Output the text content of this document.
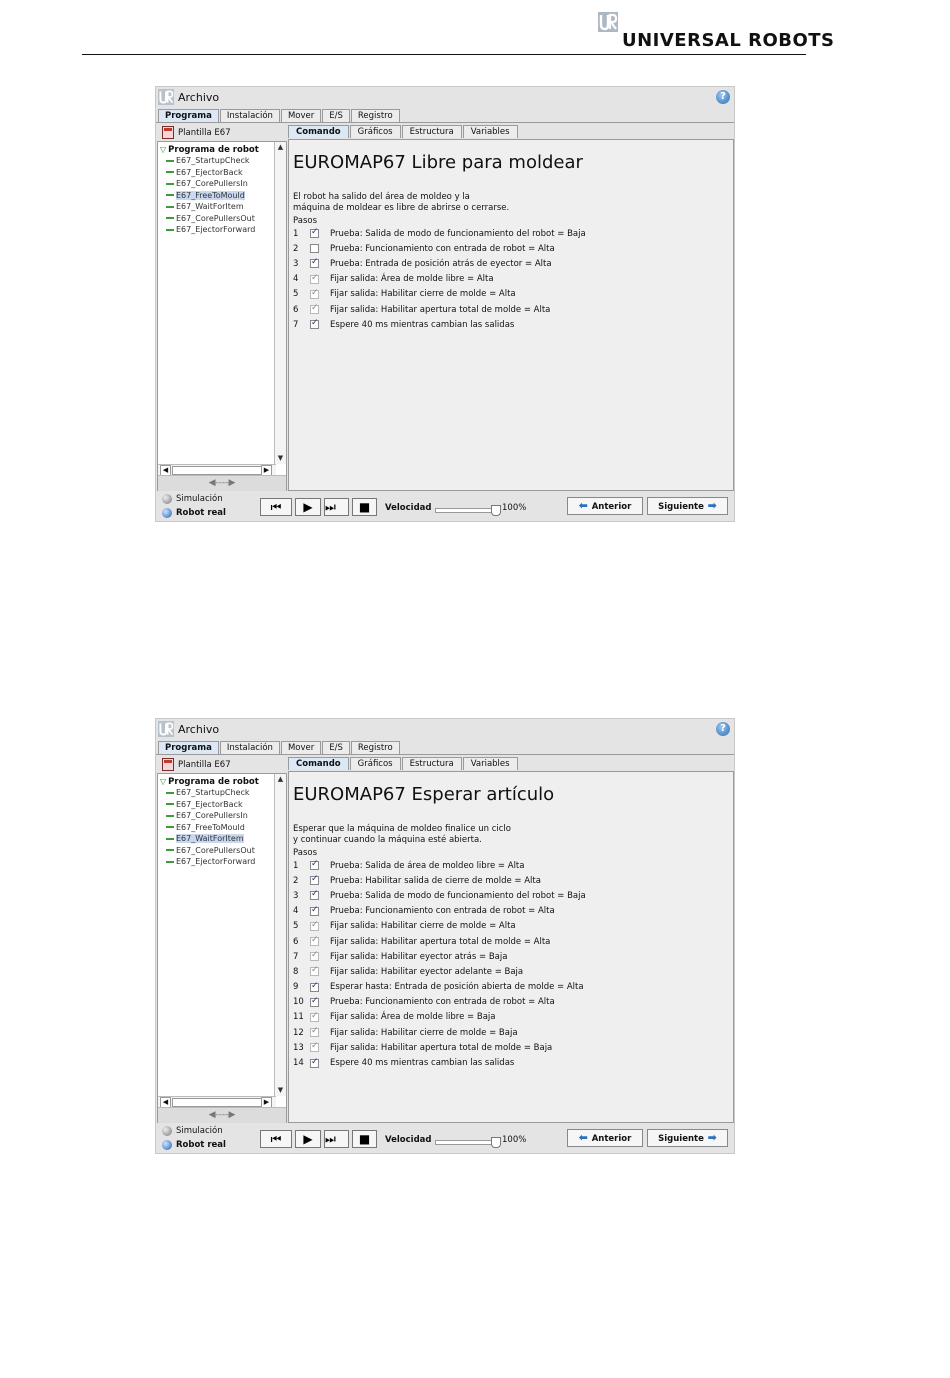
UNIVERSAL ROBOTS
Archivo	?
Programa	Instalación	Mover	E/S	Registro
Plantilla E67
▽ Programa de robot
E67_StartupCheck
E67_EjectorBack
E67_CorePullersIn
E67_FreeToMould
E67_WaitForItem
E67_CorePullersOut
E67_EjectorForward
▲
▼
◀	▶
◀‑‑‑‑▶
Comando	Gráficos	Estructura	Variables
EUROMAP67 Libre para moldear
El robot ha salido del área de moldeo y la
máquina de moldear es libre de abrirse o cerrarse.
Pasos
1 ✓	Prueba: Salida de modo de funcionamiento del robot = Baja
2	Prueba: Funcionamiento con entrada de robot = Alta
3 ✓	Prueba: Entrada de posición atrás de eyector = Alta
4 ✓	Fijar salida: Área de molde libre = Alta
5 ✓	Fijar salida: Habilitar cierre de molde = Alta
6 ✓	Fijar salida: Habilitar apertura total de molde = Alta
7 ✓	Espere 40 ms mientras cambian las salidas
Simulación
Robot real	⏮	▶	⏭	■	Velocidad	100%	⬅ Anterior	Siguiente ➡
Archivo	?
Programa	Instalación	Mover	E/S	Registro
Plantilla E67
▽ Programa de robot
E67_StartupCheck
E67_EjectorBack
E67_CorePullersIn
E67_FreeToMould
E67_WaitForItem
E67_CorePullersOut
E67_EjectorForward
▲
▼
◀	▶
◀‑‑‑‑▶
Comando	Gráficos	Estructura	Variables
EUROMAP67 Esperar artículo
Esperar que la máquina de moldeo finalice un ciclo
y continuar cuando la máquina esté abierta.
Pasos
1 ✓	Prueba: Salida de área de moldeo libre = Alta
2 ✓	Prueba: Habilitar salida de cierre de molde = Alta
3 ✓	Prueba: Salida de modo de funcionamiento del robot = Baja
4 ✓	Prueba: Funcionamiento con entrada de robot = Alta
5 ✓	Fijar salida: Habilitar cierre de molde = Alta
6 ✓	Fijar salida: Habilitar apertura total de molde = Alta
7 ✓	Fijar salida: Habilitar eyector atrás = Baja
8 ✓	Fijar salida: Habilitar eyector adelante = Baja
9 ✓	Esperar hasta: Entrada de posición abierta de molde = Alta
10 ✓	Prueba: Funcionamiento con entrada de robot = Alta
11 ✓	Fijar salida: Área de molde libre = Baja
12 ✓	Fijar salida: Habilitar cierre de molde = Baja
13 ✓	Fijar salida: Habilitar apertura total de molde = Baja
14 ✓	Espere 40 ms mientras cambian las salidas
Simulación
Robot real	⏮	▶	⏭	■	Velocidad	100%	⬅ Anterior	Siguiente ➡
